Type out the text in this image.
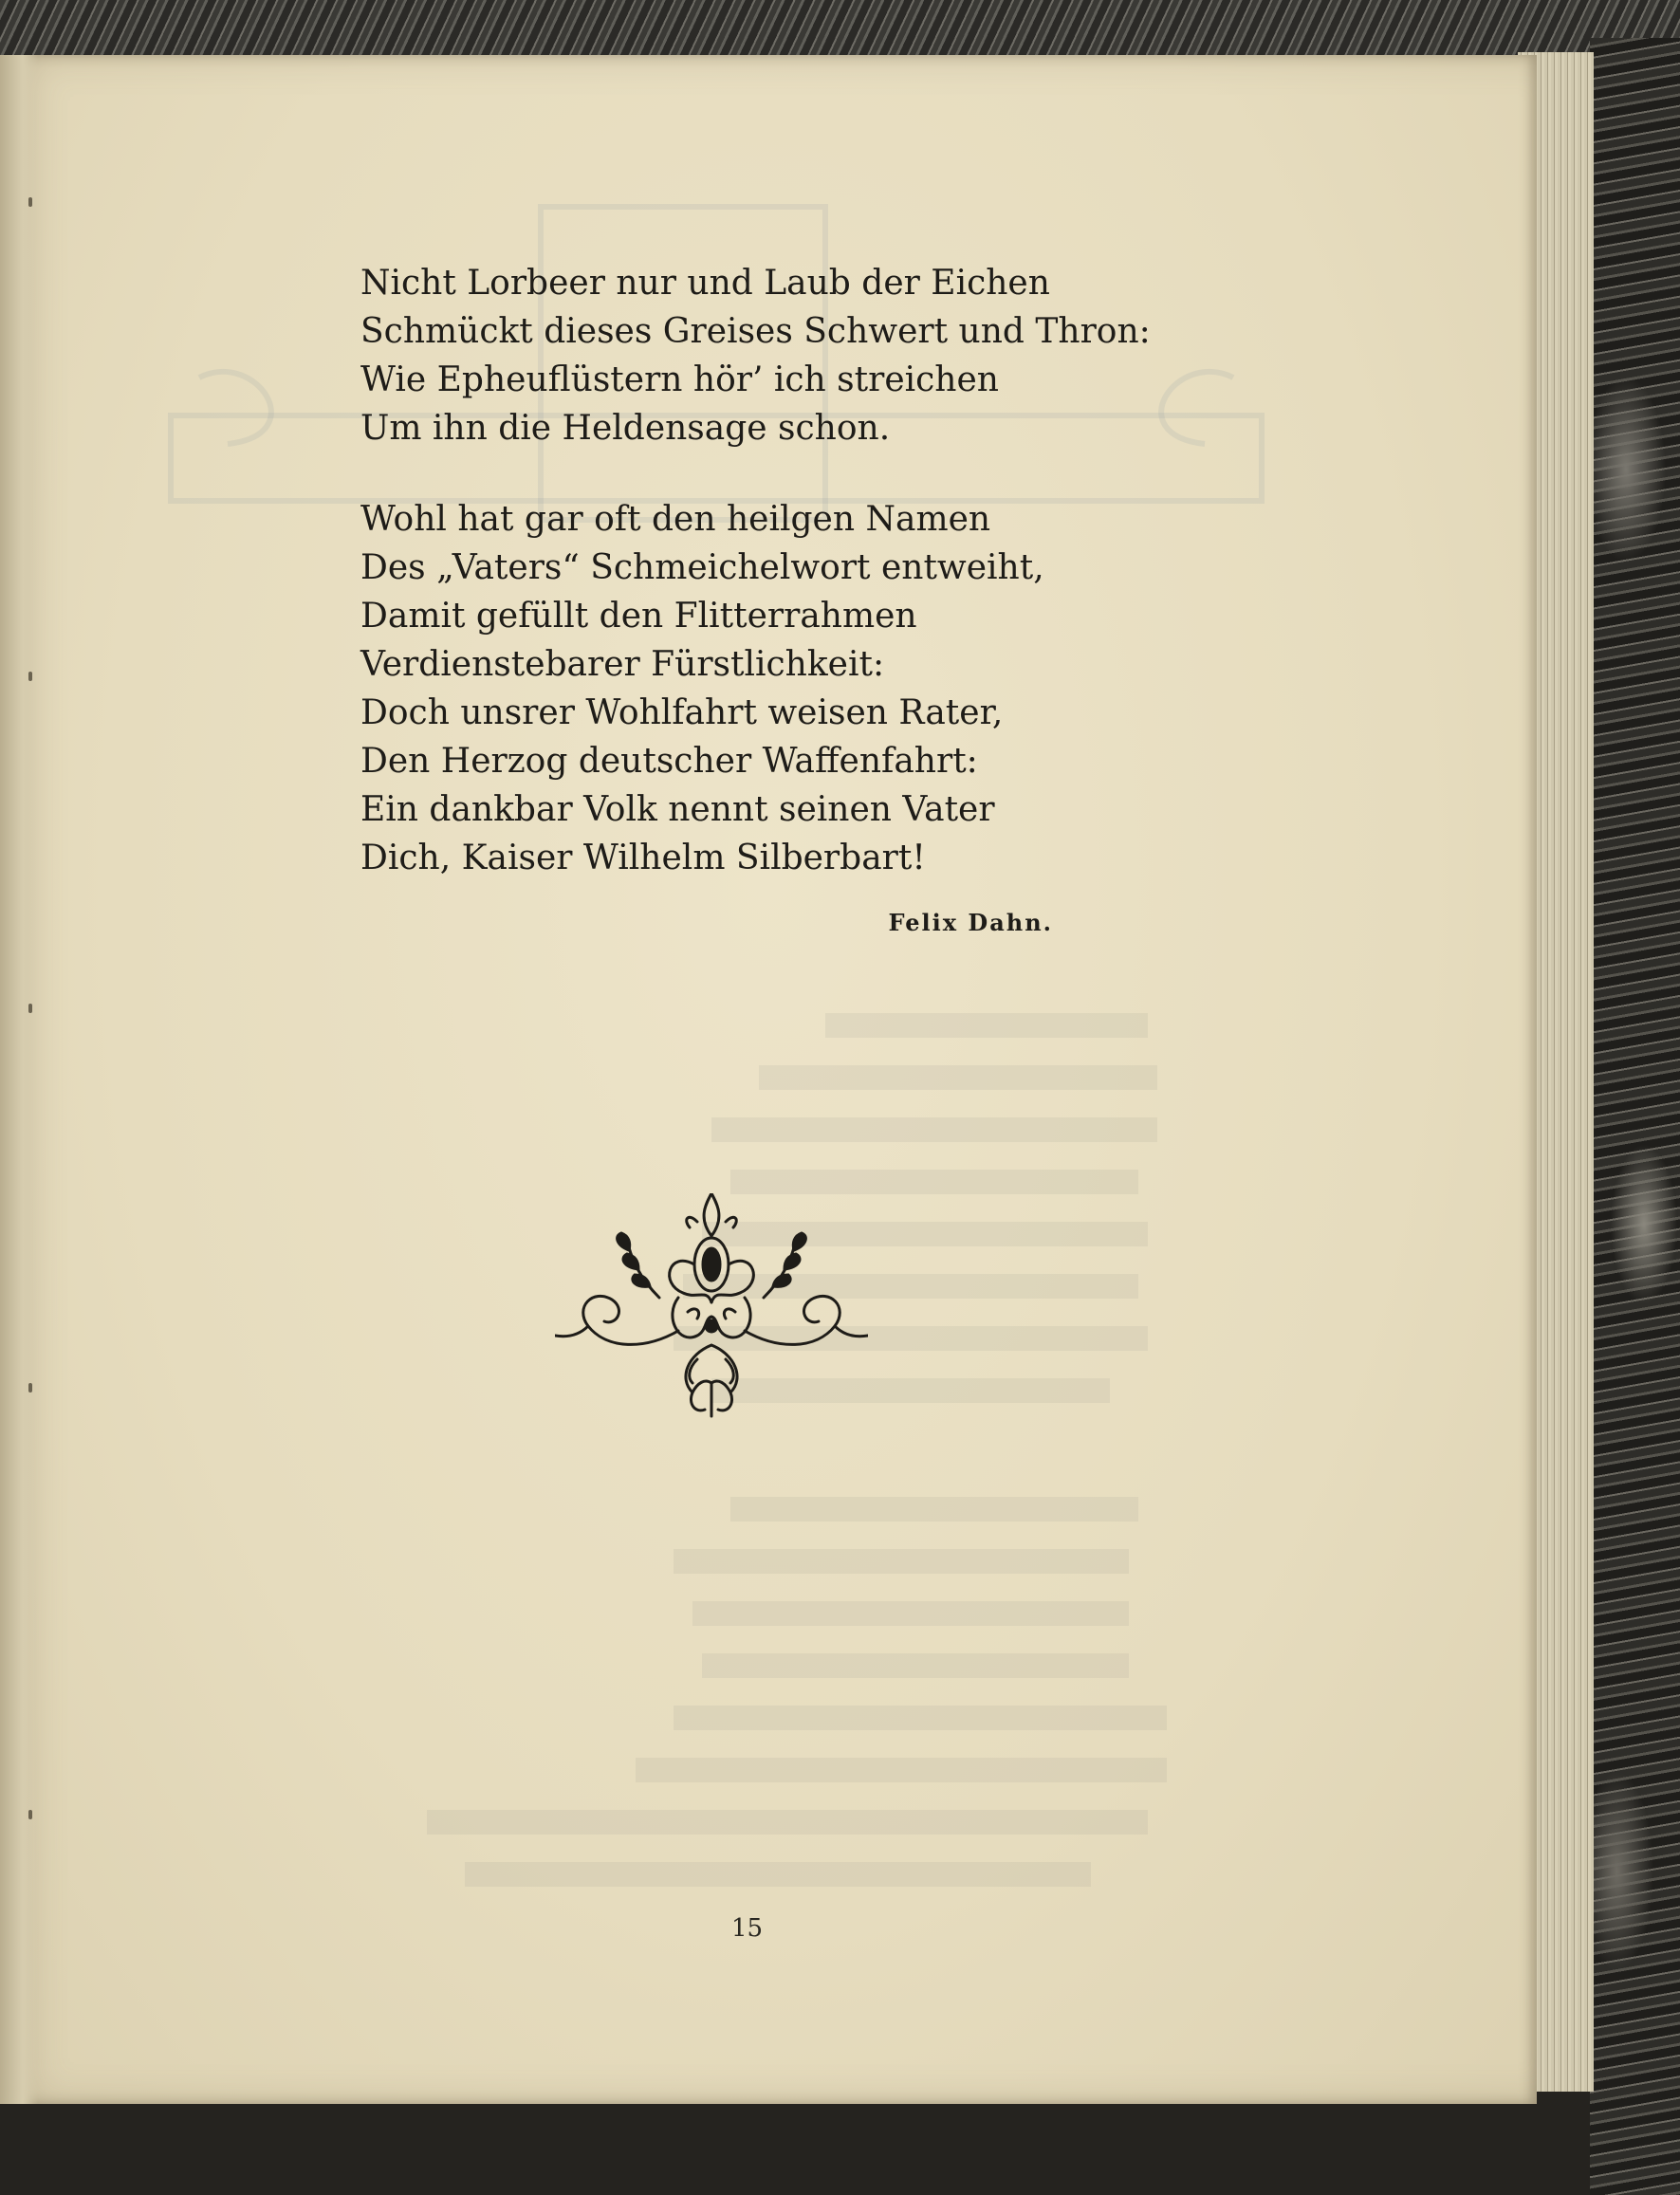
Nicht Lorbeer nur und Laub der Eichen
Schmückt dieses Greises Schwert und Thron:
Wie Epheuflüstern hör’ ich streichen
Um ihn die Heldensage schon.
Wohl hat gar oft den heilgen Namen
Des „Vaters“ Schmeichelwort entweiht,
Damit gefüllt den Flitterrahmen
Verdienstebarer Fürstlichkeit:
Doch unsrer Wohlfahrt weisen Rater,
Den Herzog deutscher Waffenfahrt:
Ein dankbar Volk nennt seinen Vater
Dich, Kaiser Wilhelm Silberbart!
Felix Dahn.
15
